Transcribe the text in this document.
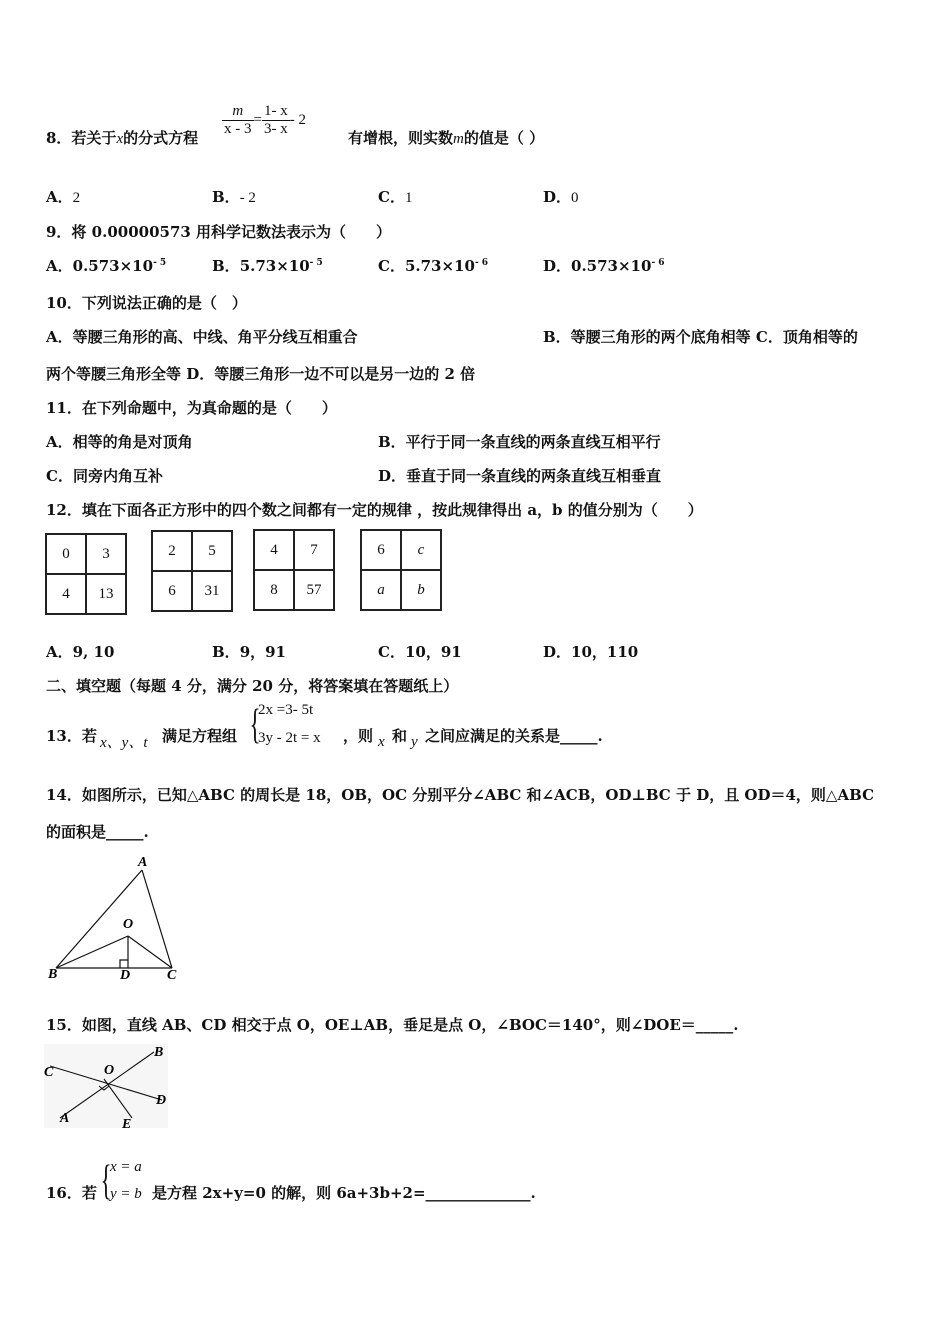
8．若关于x的分式方程 $\frac{m}{x - 3} = \frac{1- x}{3- x} - 2$
有增根，则实数m的值是（ ）
A．2	B．- 2	C．1	D．0
9．将 0.00000573 用科学记数法表示为（　　）
A．$0.573\times 10^{- 5}$	B．$5.73\times 10^{- 5}$	C．$5.73\times 10^{- 6}$	D．$0.573\times 10^{- 6}$
10．下列说法正确的是（　）
A．等腰三角形的高、中线、角平分线互相重合	B．等腰三角形的两个底角相等 C．顶角相等的
两个等腰三角形全等 D．等腰三角形一边不可以是另一边的 2 倍
11．在下列命题中，为真命题的是（　　）
A．相等的角是对顶角	B．平行于同一条直线的两条直线互相平行
C．同旁内角互补	D．垂直于同一条直线的两条直线互相垂直
12．填在下面各正方形中的四个数之间都有一定的规律 ，按此规律得出 a，b 的值分别为（　　）
0	3
4	13
2	5
6	31
4	7
8	57
6	c
a	b
A．9, 10	B．9，91	C．10，91	D．10，110
二、填空题（每题 4 分，满分 20 分，将答案填在答题纸上）
13．若 x、y、t 满足方程组 {
2x =3- 5t
3y - 2t = x ，则 x 和 y 之间应满足的关系是_____.
14．如图所示，已知△ABC 的周长是 18，OB，OC 分别平分∠ABC 和∠ACB，OD⊥BC 于 D，且 OD＝4，则△ABC
的面积是_____.
A
O
B	D	C
15．如图，直线 AB、CD 相交于点 O，OE⊥AB，垂足是点 O，∠BOC＝140°，则∠DOE＝_____.
B
C	O
D
A	E
16．若 {
x = a
y = b 是方程 2x+y=0 的解，则 6a+3b+2=______________.
